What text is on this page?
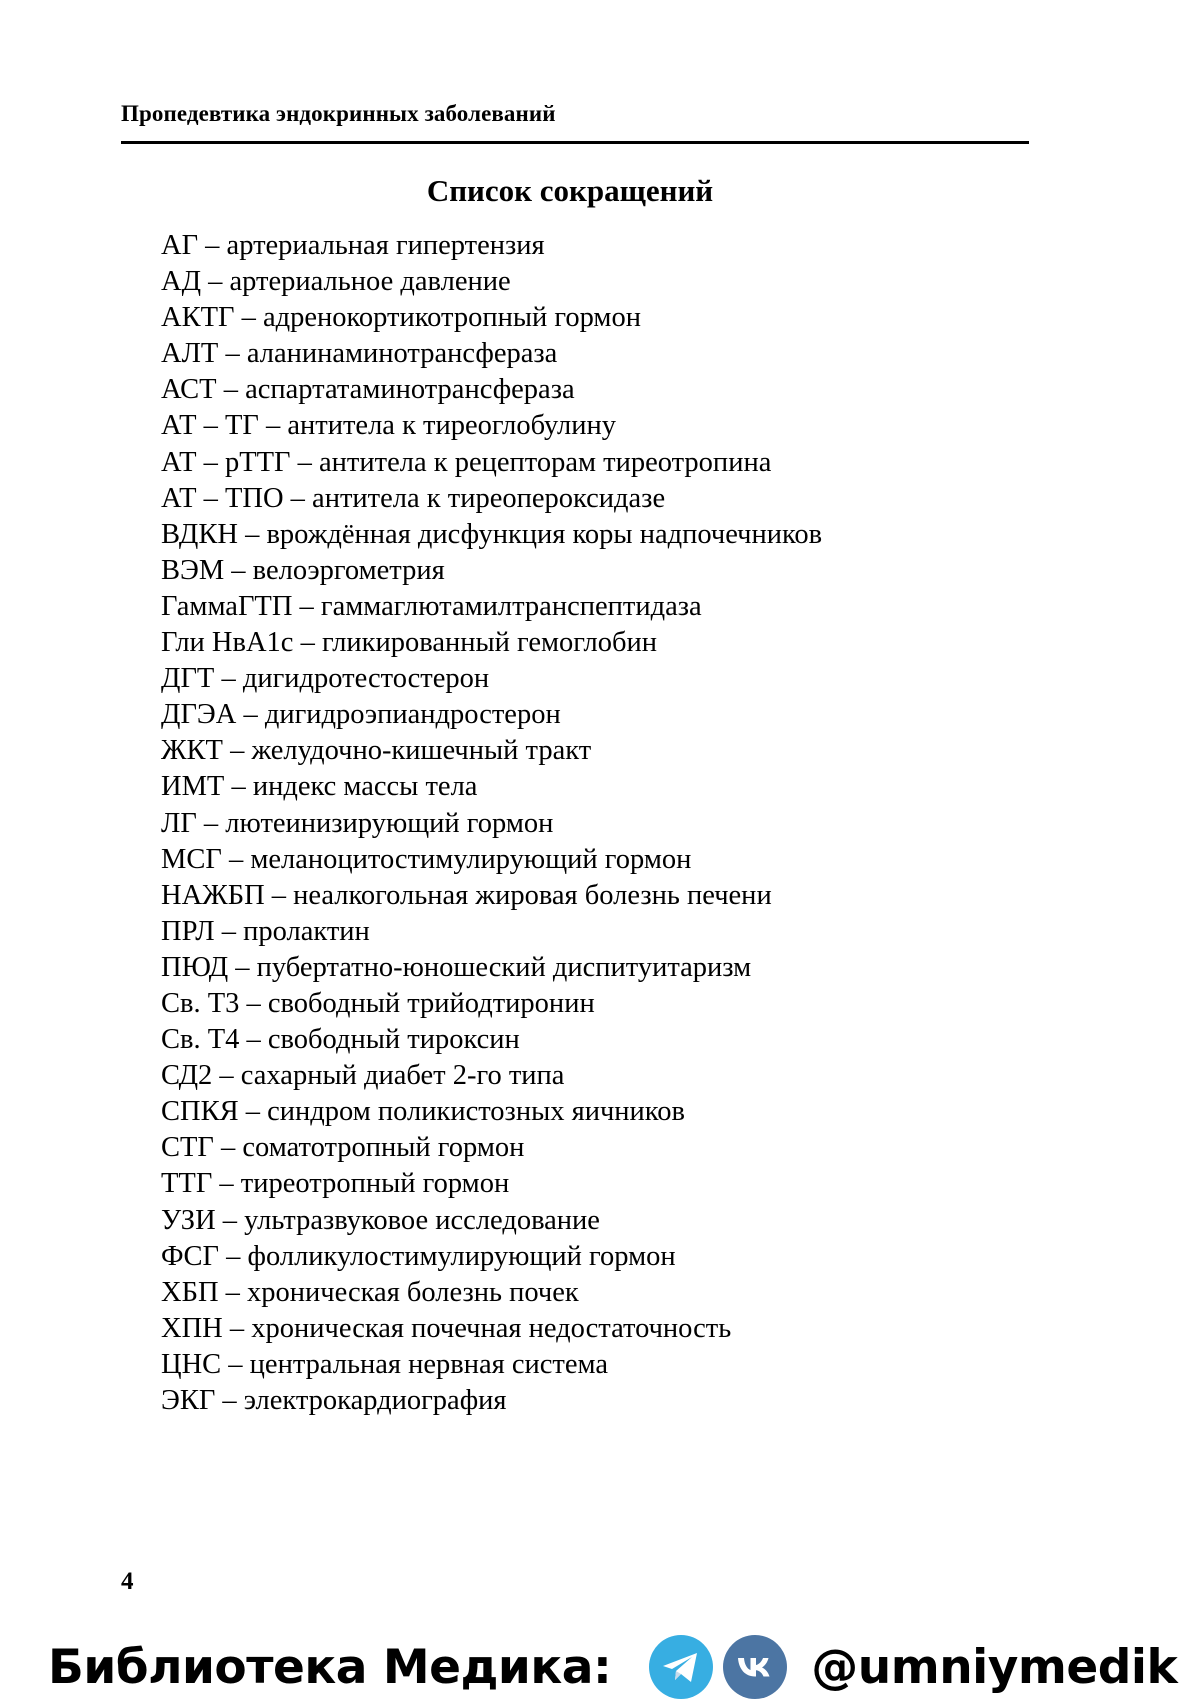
Пропедевтика эндокринных заболеваний
Список сокращений
АГ – артериальная гипертензия
АД – артериальное давление
АКТГ – адренокортикотропный гормон
АЛТ – аланинаминотрансфераза
АСТ – аспартатаминотрансфераза
АТ – ТГ – антитела к тиреоглобулину
АТ – рТТГ – антитела к рецепторам тиреотропина
АТ – ТПО – антитела к тиреопероксидазе
ВДКН – врождённая дисфункция коры надпочечников
ВЭМ – велоэргометрия
ГаммаГТП – гаммаглютамилтранспептидаза
Гли НвА1с – гликированный гемоглобин
ДГТ – дигидротестостерон
ДГЭА – дигидроэпиандростерон
ЖКТ – желудочно-кишечный тракт
ИМТ – индекс массы тела
ЛГ – лютеинизирующий гормон
МСГ – меланоцитостимулирующий гормон
НАЖБП – неалкогольная жировая болезнь печени
ПРЛ – пролактин
ПЮД – пубертатно-юношеский диспитуитаризм
Св. Т3 – свободный трийодтиронин
Св. Т4 – свободный тироксин
СД2 – сахарный диабет 2-го типа
СПКЯ – синдром поликистозных яичников
СТГ – соматотропный гормон
ТТГ – тиреотропный гормон
УЗИ – ультразвуковое исследование
ФСГ – фолликулостимулирующий гормон
ХБП – хроническая болезнь почек
ХПН – хроническая почечная недостаточность
ЦНС – центральная нервная система
ЭКГ – электрокардиография
4
Библиотека Медика:	@umniymedik
